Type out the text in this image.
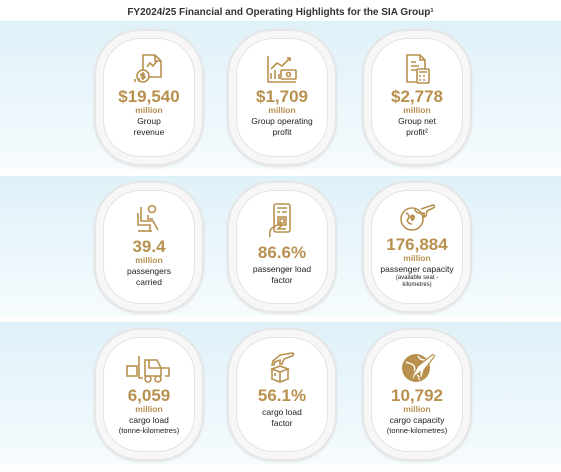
FY2024/25 Financial and Operating Highlights for the SIA Group¹
$19,540
million
Group
revenue
$1,709
million
Group operating
profit
$2,778
million
Group net
profit²
39.4
million
passengers
carried
86.6%
passenger load
factor
176,884
million
passenger capacity
(available seat - kilometres)
6,059
million
cargo load
(tonne-kilometres)
56.1%
cargo load
factor
10,792
million
cargo capacity
(tonne-kilometres)
